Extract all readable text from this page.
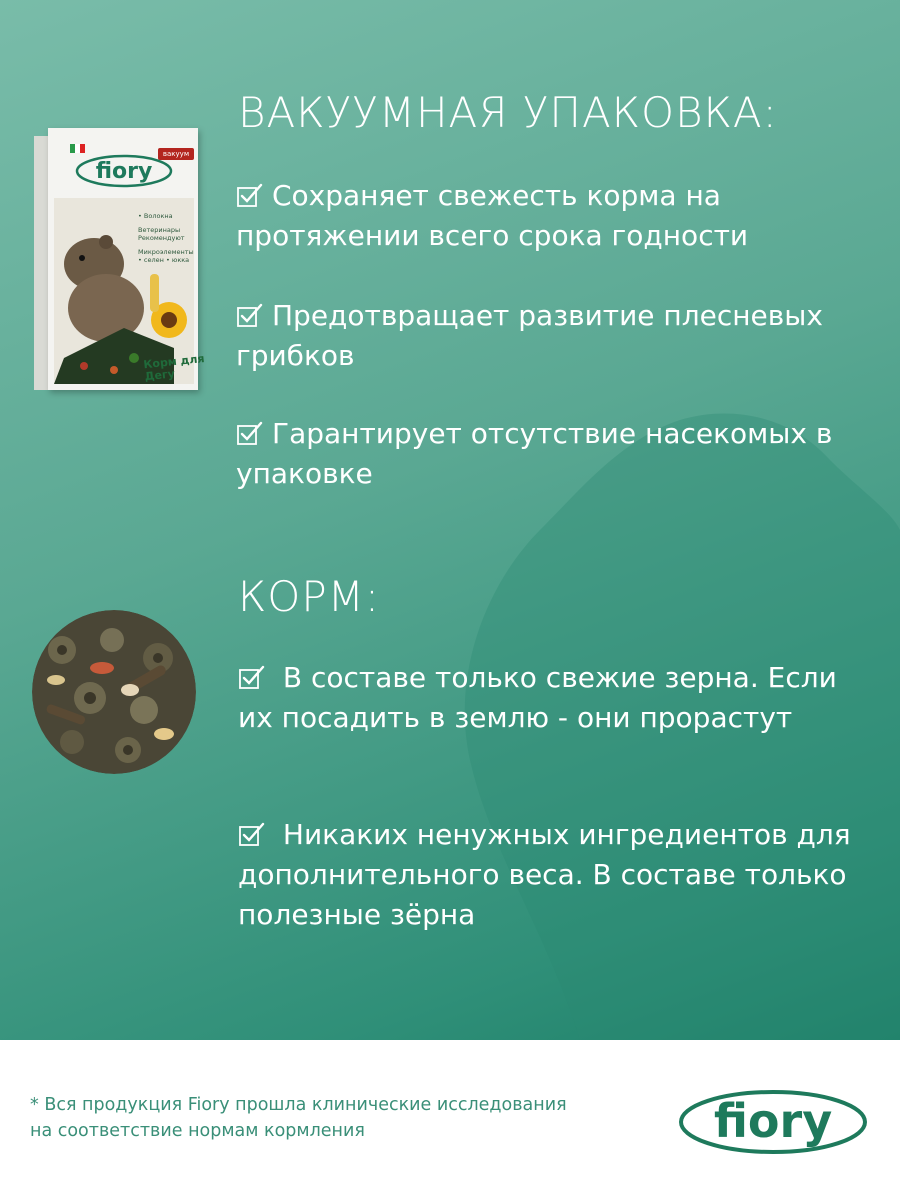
ВАКУУМНАЯ УПАКОВКА:

Сохраняет свежесть корма на протяжении всего срока годности

Предотвращает развитие плесневых грибков

Гарантирует отсутствие насекомых в упаковке

КОРМ:

В составе только свежие зерна. Если их посадить в землю - они прорастут

Никаких ненужных ингредиентов для дополнительного веса. В составе только полезные зёрна

вакуум
fiory
• Волокна
Ветеринары Рекомендуют
Микроэлементы • селен • юкка
Корм для Дегу

* Вся продукция Fiory прошла клинические исследования на соответствие нормам кормления	fiory
